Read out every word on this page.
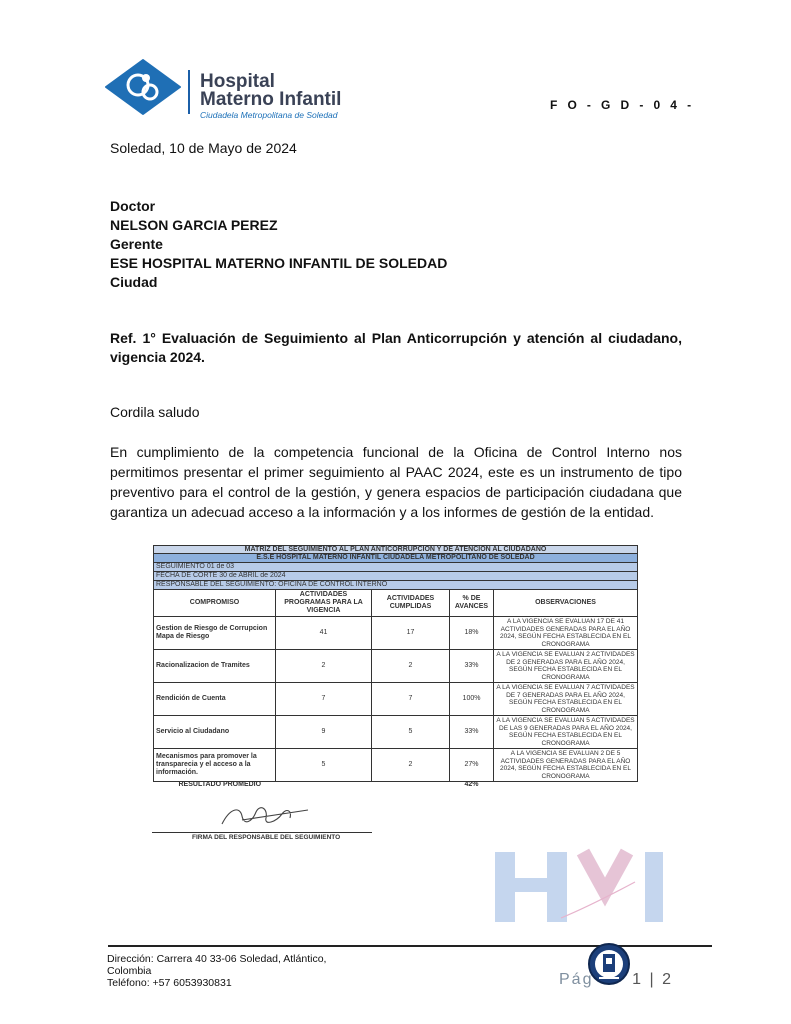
Hospital
Materno Infantil
Ciudadela Metropolitana de Soledad
F O - G D - 0 4 -
Soledad, 10 de Mayo de 2024
Doctor
NELSON GARCIA PEREZ
Gerente
ESE HOSPITAL MATERNO INFANTIL DE SOLEDAD
Ciudad
Ref. 1° Evaluación de Seguimiento al Plan Anticorrupción y atención al ciudadano, vigencia 2024.
Cordila saludo
En cumplimiento de la competencia funcional de la Oficina de Control Interno nos permitimos presentar el primer seguimiento al PAAC 2024, este es un instrumento de tipo preventivo para el control de la gestión, y genera espacios de participación ciudadana que garantiza un adecuad acceso a la información y a los informes de gestión de la entidad.
MATRIZ DEL SEGUIMIENTO AL PLAN ANTICORRUPCION Y DE ATENCION AL CIUDADANO				
E.S.E HOSPITAL MATERNO INFANTIL CIUDADELA METROPOLITANO DE SOLEDAD				
SEGUIMIENTO 01 de 03				
FECHA DE CORTE 30 de ABRIL de 2024				
RESPONSABLE DEL SEGUIMIENTO: OFICINA DE CONTROL INTERNO				
COMPROMISO	ACTIVIDADES PROGRAMAS PARA LA VIGENCIA	ACTIVIDADES CUMPLIDAS	% DE AVANCES	OBSERVACIONES
Gestion de Riesgo de Corrupcion Mapa de Riesgo	41	17	18%	A LA VIGENCIA SE EVALUAN 17 DE 41 ACTIVIDADES GENERADAS PARA EL AÑO 2024, SEGÚN FECHA ESTABLECIDA EN EL CRONOGRAMA
Racionalizacion de Tramites	2	2	33%	A LA VIGENCIA SE EVALUAN 2 ACTIVIDADES DE 2 GENERADAS PARA EL AÑO 2024, SEGÚN FECHA ESTABLECIDA EN EL CRONOGRAMA
Rendición de Cuenta	7	7	100%	A LA VIGENCIA SE EVALUAN 7 ACTIVIDADES DE 7 GENERADAS PARA EL AÑO 2024, SEGÚN FECHA ESTABLECIDA EN EL CRONOGRAMA
Servicio al Ciudadano	9	5	33%	A LA VIGENCIA SE EVALUAN 5 ACTIVIDADES DE LAS 9 GENERADAS PARA EL AÑO 2024, SEGÚN FECHA ESTABLECIDA EN EL CRONOGRAMA
Mecanismos para promover la transparecia y el acceso a la información.	5	2	27%	A LA VIGENCIA SE EVALUAN 2 DE 5 ACTIVIDADES GENERADAS PARA EL AÑO 2024, SEGÚN FECHA ESTABLECIDA EN EL CRONOGRAMA
RESULTADO PROMEDIO			42%	
FIRMA DEL RESPONSABLE DEL SEGUIMIENTO
Dirección: Carrera 40 33-06 Soledad, Atlántico, Colombia
Teléfono: +57 6053930831	Pág 1 | 2
